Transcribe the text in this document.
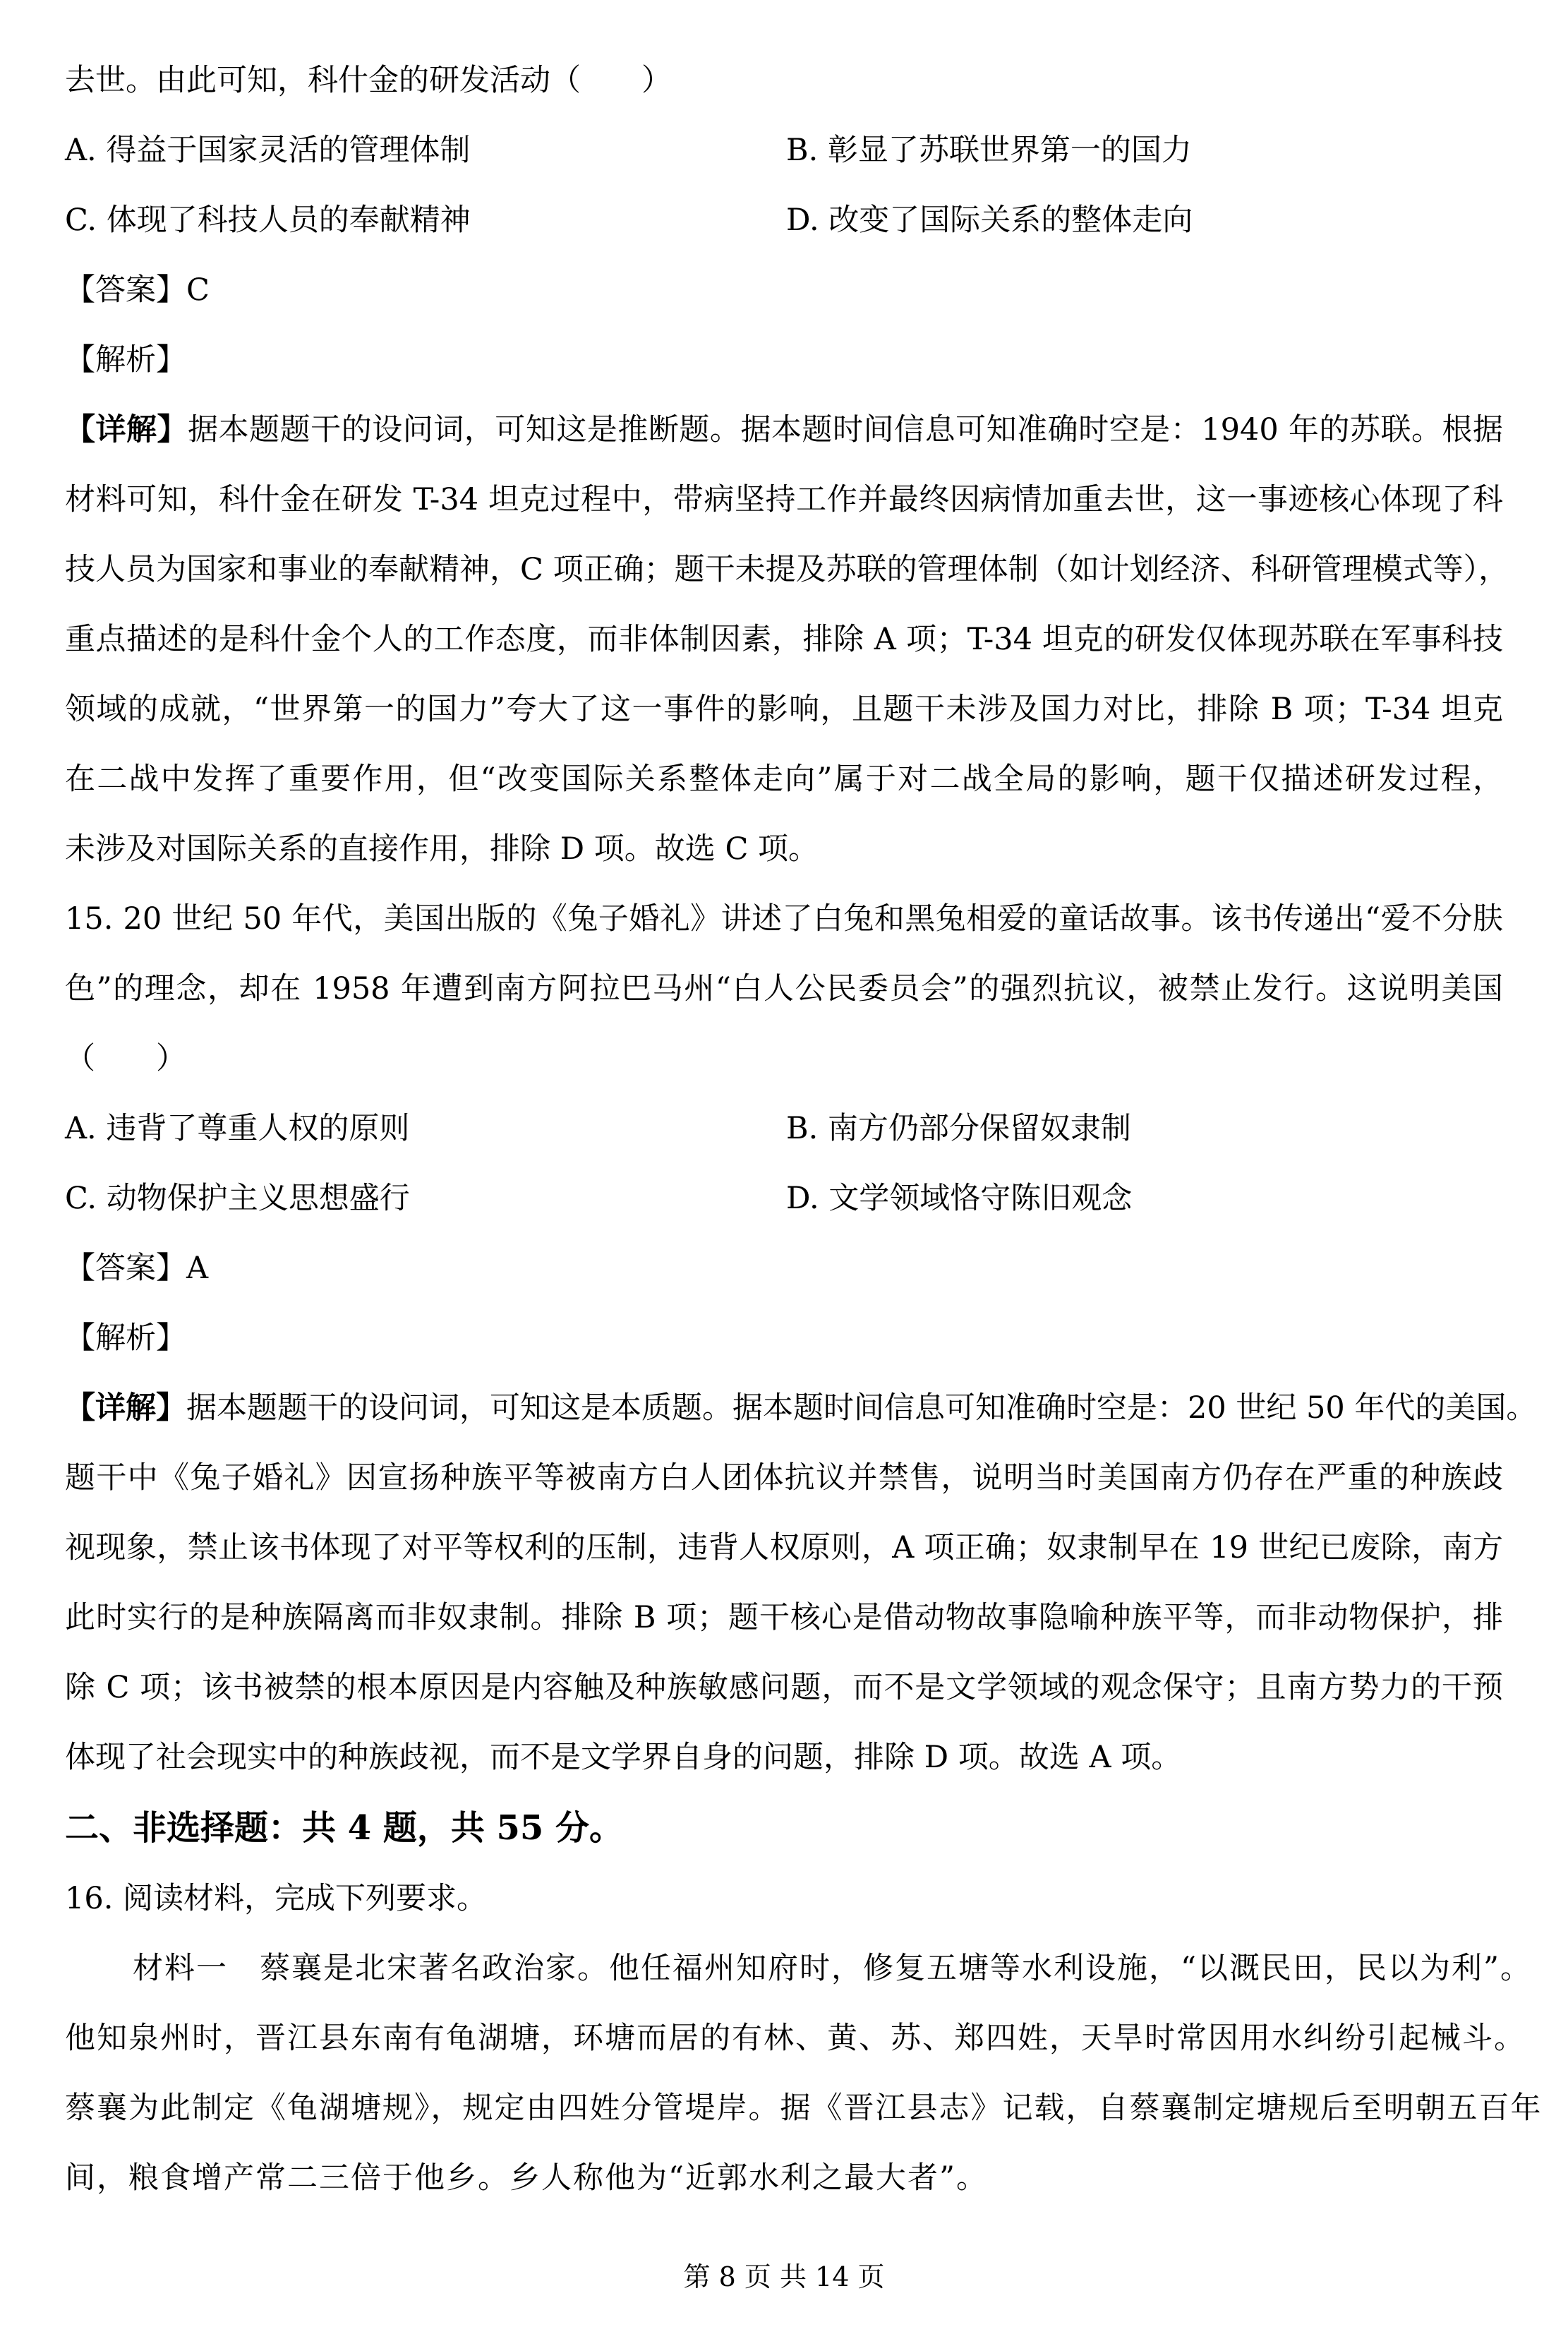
去世。由此可知，科什金的研发活动（　　）
A. 得益于国家灵活的管理体制	B. 彰显了苏联世界第一的国力
C. 体现了科技人员的奉献精神	D. 改变了国际关系的整体走向
【答案】C
【解析】
【详解】据本题题干的设问词，可知这是推断题。据本题时间信息可知准确时空是：1940 年的苏联。根据
材料可知，科什金在研发 T-34 坦克过程中，带病坚持工作并最终因病情加重去世，这一事迹核心体现了科
技人员为国家和事业的奉献精神，C 项正确；题干未提及苏联的管理体制（如计划经济、科研管理模式等），
重点描述的是科什金个人的工作态度，而非体制因素，排除 A 项；T-34 坦克的研发仅体现苏联在军事科技
领域的成就，“世界第一的国力”夸大了这一事件的影响，且题干未涉及国力对比，排除 B 项；T-34 坦克
在二战中发挥了重要作用，但“改变国际关系整体走向”属于对二战全局的影响，题干仅描述研发过程，
未涉及对国际关系的直接作用，排除 D 项。故选 C 项。
15. 20 世纪 50 年代，美国出版的《兔子婚礼》讲述了白兔和黑兔相爱的童话故事。该书传递出“爱不分肤
色”的理念，却在 1958 年遭到南方阿拉巴马州“白人公民委员会”的强烈抗议，被禁止发行。这说明美国
（　　）
A. 违背了尊重人权的原则	B. 南方仍部分保留奴隶制
C. 动物保护主义思想盛行	D. 文学领域恪守陈旧观念
【答案】A
【解析】
【详解】据本题题干的设问词，可知这是本质题。据本题时间信息可知准确时空是：20 世纪 50 年代的美国。
题干中《兔子婚礼》因宣扬种族平等被南方白人团体抗议并禁售，说明当时美国南方仍存在严重的种族歧
视现象，禁止该书体现了对平等权利的压制，违背人权原则，A 项正确；奴隶制早在 19 世纪已废除，南方
此时实行的是种族隔离而非奴隶制。排除 B 项；题干核心是借动物故事隐喻种族平等，而非动物保护，排
除 C 项；该书被禁的根本原因是内容触及种族敏感问题，而不是文学领域的观念保守；且南方势力的干预
体现了社会现实中的种族歧视，而不是文学界自身的问题，排除 D 项。故选 A 项。
二、非选择题：共 4 题，共 55 分。
16. 阅读材料，完成下列要求。
材料一　蔡襄是北宋著名政治家。他任福州知府时，修复五塘等水利设施，“以溉民田，民以为利”。
他知泉州时，晋江县东南有龟湖塘，环塘而居的有林、黄、苏、郑四姓，天旱时常因用水纠纷引起械斗。
蔡襄为此制定《龟湖塘规》，规定由四姓分管堤岸。据《晋江县志》记载，自蔡襄制定塘规后至明朝五百年
间，粮食增产常二三倍于他乡。乡人称他为“近郭水利之最大者”。
第 8 页 共 14 页
